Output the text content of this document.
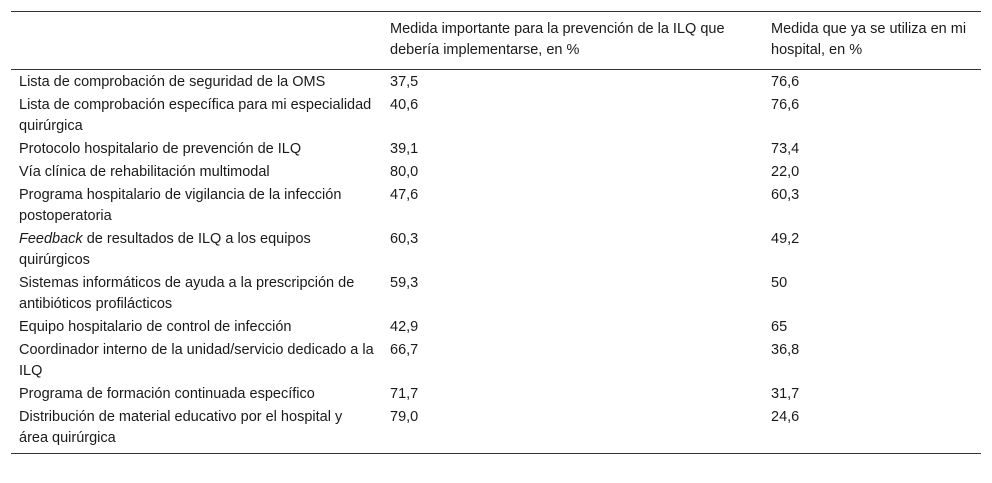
	Medida importante para la prevención de la ILQ que debería implementarse, en %	Medida que ya se utiliza en mi hospital, en %
Lista de comprobación de seguridad de la OMS	37,5	76,6
Lista de comprobación específica para mi especialidad quirúrgica	40,6	76,6
Protocolo hospitalario de prevención de ILQ	39,1	73,4
Vía clínica de rehabilitación multimodal	80,0	22,0
Programa hospitalario de vigilancia de la infección postoperatoria	47,6	60,3
Feedback de resultados de ILQ a los equipos quirúrgicos	60,3	49,2
Sistemas informáticos de ayuda a la prescripción de antibióticos profilácticos	59,3	50
Equipo hospitalario de control de infección	42,9	65
Coordinador interno de la unidad/servicio dedicado a la ILQ	66,7	36,8
Programa de formación continuada específico	71,7	31,7
Distribución de material educativo por el hospital y área quirúrgica	79,0	24,6
